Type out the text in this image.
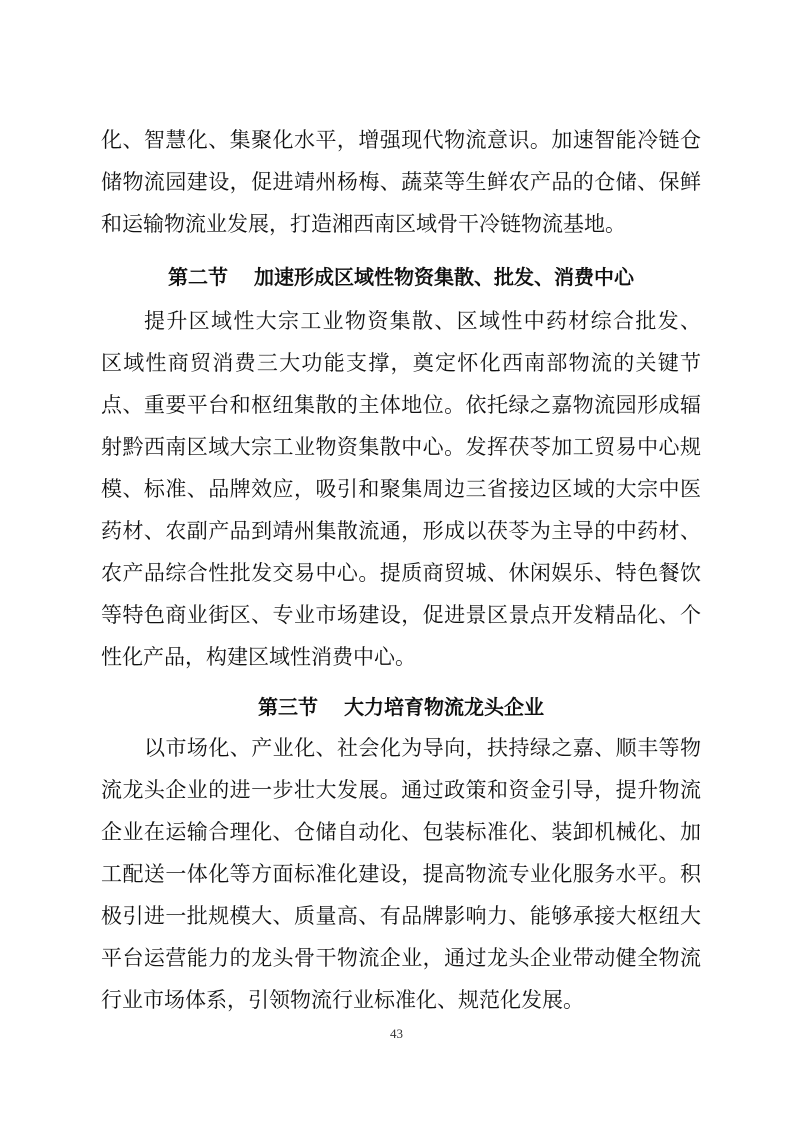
化、智慧化、集聚化水平，增强现代物流意识。加速智能冷链仓
储物流园建设，促进靖州杨梅、蔬菜等生鲜农产品的仓储、保鲜
和运输物流业发展，打造湘西南区域骨干冷链物流基地。
第二节 加速形成区域性物资集散、批发、消费中心
提升区域性大宗工业物资集散、区域性中药材综合批发、
区域性商贸消费三大功能支撑，奠定怀化西南部物流的关键节
点、重要平台和枢纽集散的主体地位。依托绿之嘉物流园形成辐
射黔西南区域大宗工业物资集散中心。发挥茯苓加工贸易中心规
模、标准、品牌效应，吸引和聚集周边三省接边区域的大宗中医
药材、农副产品到靖州集散流通，形成以茯苓为主导的中药材、
农产品综合性批发交易中心。提质商贸城、休闲娱乐、特色餐饮
等特色商业街区、专业市场建设，促进景区景点开发精品化、个
性化产品，构建区域性消费中心。
第三节 大力培育物流龙头企业
以市场化、产业化、社会化为导向，扶持绿之嘉、顺丰等物
流龙头企业的进一步壮大发展。通过政策和资金引导，提升物流
企业在运输合理化、仓储自动化、包装标准化、装卸机械化、加
工配送一体化等方面标准化建设，提高物流专业化服务水平。积
极引进一批规模大、质量高、有品牌影响力、能够承接大枢纽大
平台运营能力的龙头骨干物流企业，通过龙头企业带动健全物流
行业市场体系，引领物流行业标准化、规范化发展。
43
